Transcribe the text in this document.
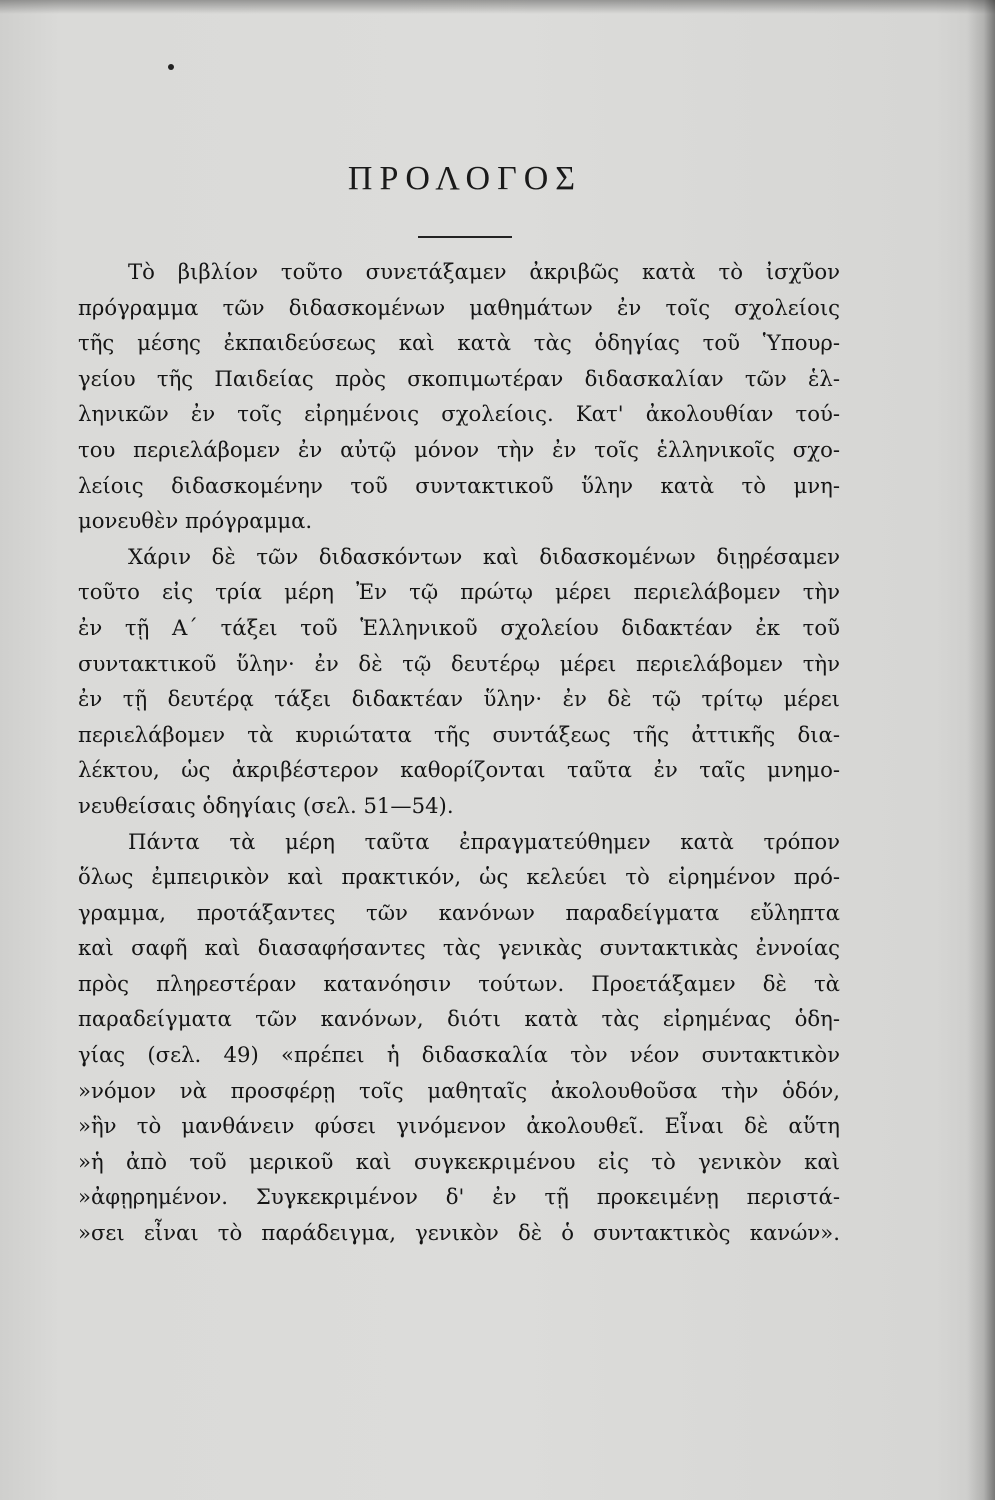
ΠΡΟΛΟΓΟΣ
Τὸ βιβλίον τοῦτο συνετάξαμεν ἀκριβῶς κατὰ τὸ ἰσχῦον
πρόγραμμα τῶν διδασκομένων μαθημάτων ἐν τοῖς σχολείοις
τῆς μέσης ἐκπαιδεύσεως καὶ κατὰ τὰς ὁδηγίας τοῦ Ὑπουρ-
γείου τῆς Παιδείας πρὸς σκοπιμωτέραν διδασκαλίαν τῶν ἑλ-
ληνικῶν ἐν τοῖς εἰρημένοις σχολείοις. Κατ' ἀκολουθίαν τού-
του περιελάβομεν ἐν αὐτῷ μόνον τὴν ἐν τοῖς ἑλληνικοῖς σχο-
λείοις διδασκομένην τοῦ συντακτικοῦ ὕλην κατὰ τὸ μνη-
μονευθὲν πρόγραμμα.
Χάριν δὲ τῶν διδασκόντων καὶ διδασκομένων διῃρέσαμεν
τοῦτο εἰς τρία μέρη Ἐν τῷ πρώτῳ μέρει περιελάβομεν τὴν
ἐν τῇ Α΄ τάξει τοῦ Ἑλληνικοῦ σχολείου διδακτέαν ἐκ τοῦ
συντακτικοῦ ὕλην· ἐν δὲ τῷ δευτέρῳ μέρει περιελάβομεν τὴν
ἐν τῇ δευτέρᾳ τάξει διδακτέαν ὕλην· ἐν δὲ τῷ τρίτῳ μέρει
περιελάβομεν τὰ κυριώτατα τῆς συντάξεως τῆς ἀττικῆς δια-
λέκτου, ὡς ἀκριβέστερον καθορίζονται ταῦτα ἐν ταῖς μνημο-
νευθείσαις ὁδηγίαις (σελ. 51—54).
Πάντα τὰ μέρη ταῦτα ἐπραγματεύθημεν κατὰ τρόπον
ὅλως ἐμπειρικὸν καὶ πρακτικόν, ὡς κελεύει τὸ εἰρημένον πρό-
γραμμα, προτάξαντες τῶν κανόνων παραδείγματα εὔληπτα
καὶ σαφῆ καὶ διασαφήσαντες τὰς γενικὰς συντακτικὰς ἐννοίας
πρὸς πληρεστέραν κατανόησιν τούτων. Προετάξαμεν δὲ τὰ
παραδείγματα τῶν κανόνων, διότι κατὰ τὰς εἰρημένας ὁδη-
γίας (σελ. 49) «πρέπει ἡ διδασκαλία τὸν νέον συντακτικὸν
»νόμον νὰ προσφέρῃ τοῖς μαθηταῖς ἀκολουθοῦσα τὴν ὁδόν,
»ἣν τὸ μανθάνειν φύσει γινόμενον ἀκολουθεῖ. Εἶναι δὲ αὕτη
»ἡ ἀπὸ τοῦ μερικοῦ καὶ συγκεκριμένου εἰς τὸ γενικὸν καὶ
»ἀφῃρημένον. Συγκεκριμένον δ' ἐν τῇ προκειμένῃ περιστά-
»σει εἶναι τὸ παράδειγμα, γενικὸν δὲ ὁ συντακτικὸς κανών».
